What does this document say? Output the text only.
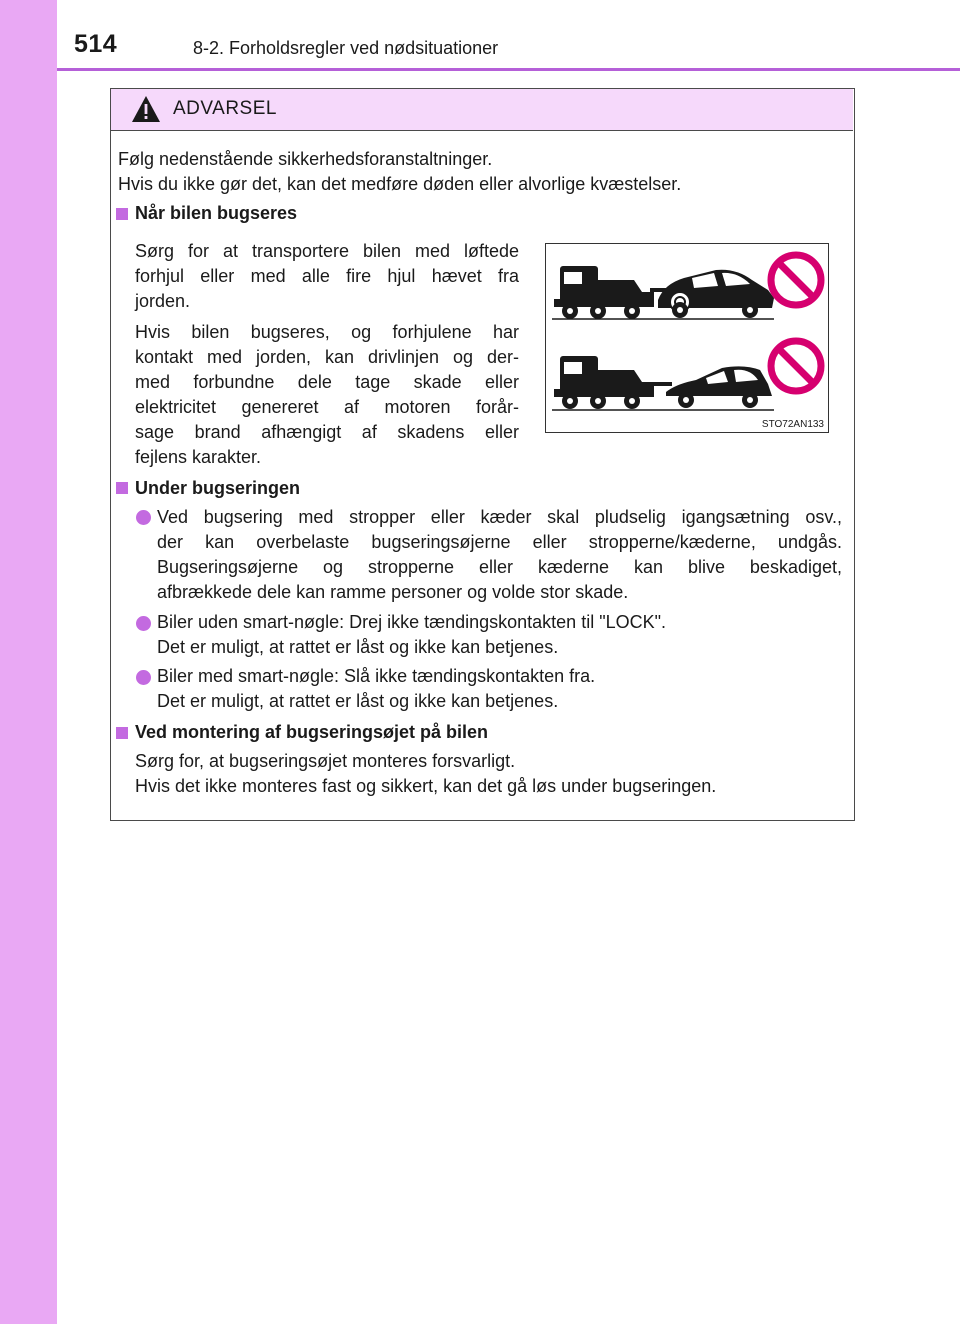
514	8-2. Forholdsregler ved nødsituationer
ADVARSEL
Følg nedenstående sikkerhedsforanstaltninger.
Hvis du ikke gør det, kan det medføre døden eller alvorlige kvæstelser.
Når bilen bugseres
Sørg for at transportere bilen med løftede
forhjul eller med alle fire hjul hævet fra
jorden.
Hvis bilen bugseres, og forhjulene har
kontakt med jorden, kan drivlinjen og der-
med forbundne dele tage skade eller
elektricitet genereret af motoren forår-
sage brand afhængigt af skadens eller
fejlens karakter.
STO72AN133
Under bugseringen
Ved bugsering med stropper eller kæder skal pludselig igangsætning osv.,
der kan overbelaste bugseringsøjerne eller stropperne/kæderne, undgås.
Bugseringsøjerne og stropperne eller kæderne kan blive beskadiget,
afbrækkede dele kan ramme personer og volde stor skade.
Biler uden smart-nøgle: Drej ikke tændingskontakten til "LOCK".
Det er muligt, at rattet er låst og ikke kan betjenes.
Biler med smart-nøgle: Slå ikke tændingskontakten fra.
Det er muligt, at rattet er låst og ikke kan betjenes.
Ved montering af bugseringsøjet på bilen
Sørg for, at bugseringsøjet monteres forsvarligt.
Hvis det ikke monteres fast og sikkert, kan det gå løs under bugseringen.
